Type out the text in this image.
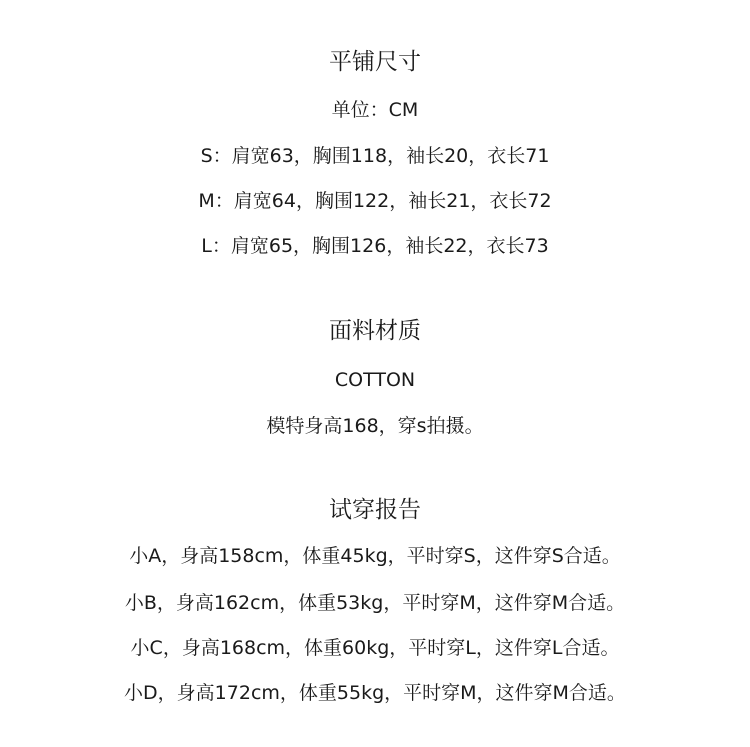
平铺尺寸
单位：CM
S：肩宽63，胸围118，袖长20，衣长71
M：肩宽64，胸围122，袖长21，衣长72
L：肩宽65，胸围126，袖长22，衣长73
面料材质
COTTON
模特身高168，穿s拍摄。
试穿报告
小A，身高158cm，体重45kg，平时穿S，这件穿S合适。
小B，身高162cm，体重53kg，平时穿M，这件穿M合适。
小C，身高168cm，体重60kg，平时穿L，这件穿L合适。
小D，身高172cm，体重55kg，平时穿M，这件穿M合适。
